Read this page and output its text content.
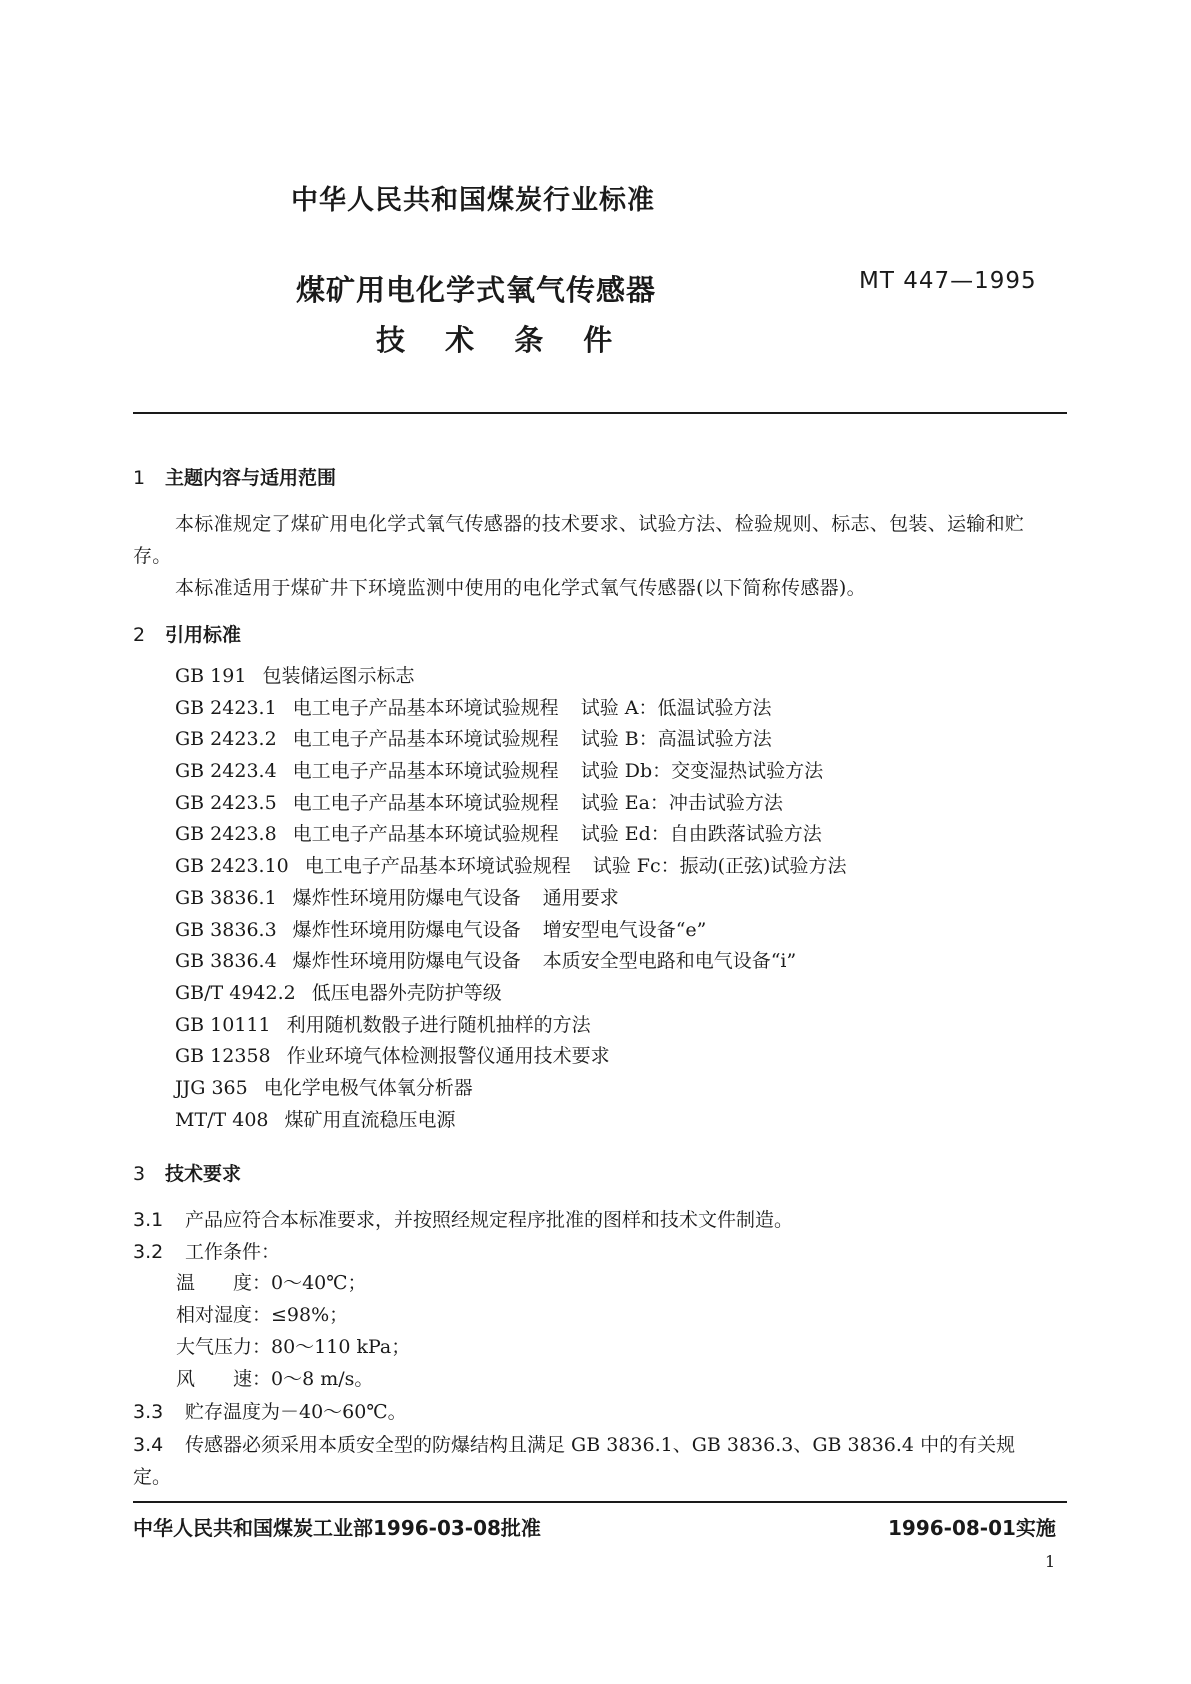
中华人民共和国煤炭行业标准
煤矿用电化学式氧气传感器
技 术 条 件
MT 447—1995
1 主题内容与适用范围
本标准规定了煤矿用电化学式氧气传感器的技术要求、试验方法、检验规则、标志、包装、运输和贮
存。
本标准适用于煤矿井下环境监测中使用的电化学式氧气传感器(以下简称传感器)。
2 引用标准
GB 191 包装储运图示标志
GB 2423.1 电工电子产品基本环境试验规程 试验 A：低温试验方法
GB 2423.2 电工电子产品基本环境试验规程 试验 B：高温试验方法
GB 2423.4 电工电子产品基本环境试验规程 试验 Db：交变湿热试验方法
GB 2423.5 电工电子产品基本环境试验规程 试验 Ea：冲击试验方法
GB 2423.8 电工电子产品基本环境试验规程 试验 Ed：自由跌落试验方法
GB 2423.10 电工电子产品基本环境试验规程 试验 Fc：振动(正弦)试验方法
GB 3836.1 爆炸性环境用防爆电气设备 通用要求
GB 3836.3 爆炸性环境用防爆电气设备 增安型电气设备“e”
GB 3836.4 爆炸性环境用防爆电气设备 本质安全型电路和电气设备“i”
GB/T 4942.2 低压电器外壳防护等级
GB 10111 利用随机数骰子进行随机抽样的方法
GB 12358 作业环境气体检测报警仪通用技术要求
JJG 365 电化学电极气体氧分析器
MT/T 408 煤矿用直流稳压电源
3 技术要求
3.1 产品应符合本标准要求，并按照经规定程序批准的图样和技术文件制造。
3.2 工作条件：
温　　度：0～40℃；
相对湿度：≤98%；
大气压力：80～110 kPa；
风　　速：0～8 m/s。
3.3 贮存温度为－40～60℃。
3.4 传感器必须采用本质安全型的防爆结构且满足 GB 3836.1、GB 3836.3、GB 3836.4 中的有关规
定。
中华人民共和国煤炭工业部1996-03-08批准	1996-08-01实施
1
